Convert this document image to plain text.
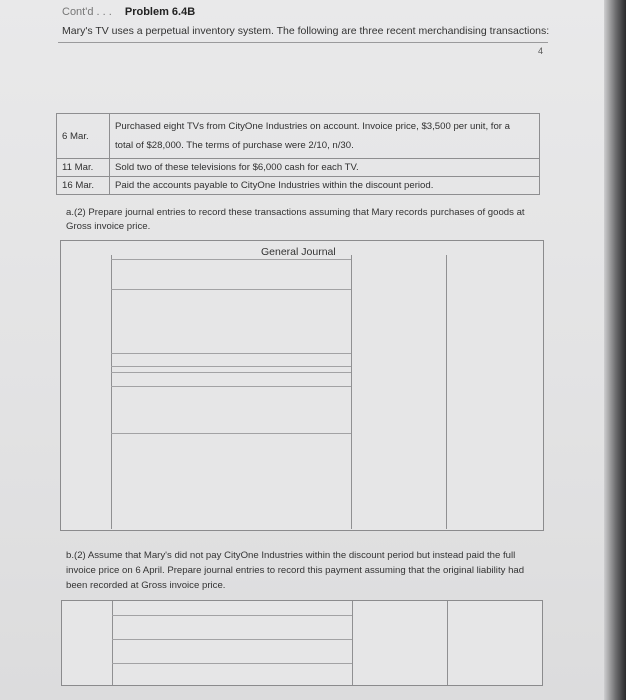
Cont'd . . . Problem 6.4B
Mary's TV uses a perpetual inventory system. The following are three recent merchandising transactions:
4
6 Mar.	Purchased eight TVs from CityOne Industries on account. Invoice price, $3,500 per unit, for a
total of $28,000. The terms of purchase were 2/10, n/30.

11 Mar.	Sold two of these televisions for $6,000 cash for each TV.
16 Mar.	Paid the accounts payable to CityOne Industries within the discount period.
a.(2) Prepare journal entries to record these transactions assuming that Mary records purchases of goods at Gross invoice price.
General Journal
b.(2) Assume that Mary's did not pay CityOne Industries within the discount period but instead paid the full invoice price on 6 April. Prepare journal entries to record this payment assuming that the original liability had been recorded at Gross invoice price.
